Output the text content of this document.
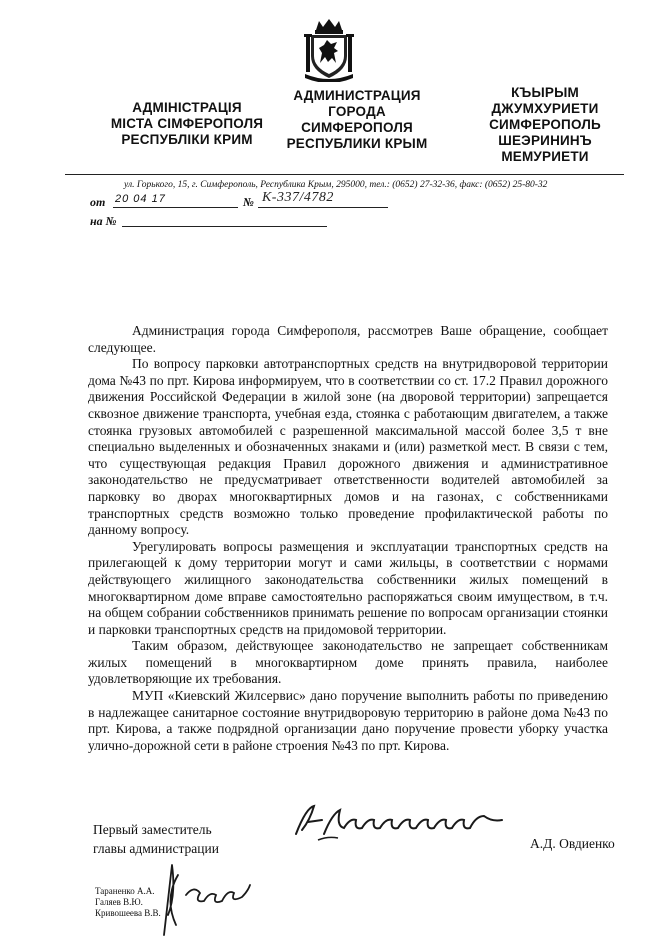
АДМІНІСТРАЦІЯ
МІСТА СІМФЕРОПОЛЯ
РЕСПУБЛІКИ КРИМ
АДМИНИСТРАЦИЯ
ГОРОДА
СИМФЕРОПОЛЯ
РЕСПУБЛИКИ КРЫМ
КЪЫРЫМ
ДЖУМХУРИЕТИ
СИМФЕРОПОЛЬ
ШЕЭРИНИНЪ
МЕМУРИЕТИ
ул. Горького, 15, г. Симферополь, Республика Крым, 295000, тел.: (0652) 27-32-36, факс: (0652) 25-80-32
от 20 04 17	№ К-337/4782
на №

Администрация города Симферополя, рассмотрев Ваше обращение, сообщает следующее.

По вопросу парковки автотранспортных средств на внутридворовой территории дома №43 по прт. Кирова информируем, что в соответствии со ст. 17.2 Правил дорожного движения Российской Федерации в жилой зоне (на дворовой территории) запрещается сквозное движение транспорта, учебная езда, стоянка с работающим двигателем, а также стоянка грузовых автомобилей с разрешенной максимальной массой более 3,5 т вне специально выделенных и обозначенных знаками и (или) разметкой мест. В связи с тем, что существующая редакция Правил дорожного движения и административное законодательство не предусматривает ответственности водителей автомобилей за парковку во дворах многоквартирных домов и на газонах, с собственниками транспортных средств возможно только проведение профилактической работы по данному вопросу.

Урегулировать вопросы размещения и эксплуатации транспортных средств на прилегающей к дому территории могут и сами жильцы, в соответствии с нормами действующего жилищного законодательства собственники жилых помещений в многоквартирном доме вправе самостоятельно распоряжаться своим имуществом, в т.ч. на общем собрании собственников принимать решение по вопросам организации стоянки и парковки транспортных средств на придомовой территории.

Таким образом, действующее законодательство не запрещает собственникам жилых помещений в многоквартирном доме принять правила, наиболее удовлетворяющие их требования.

МУП «Киевский Жилсервис» дано поручение выполнить работы по приведению в надлежащее санитарное состояние внутридворовую территорию в районе дома №43 по прт. Кирова, а также подрядной организации дано поручение провести уборку участка улично-дорожной сети в районе строения №43 по прт. Кирова.

Первый заместитель
главы администрации	А.Д. Овдиенко
Тараненко А.А.
Галяев В.Ю.
Кривошеева В.В.
